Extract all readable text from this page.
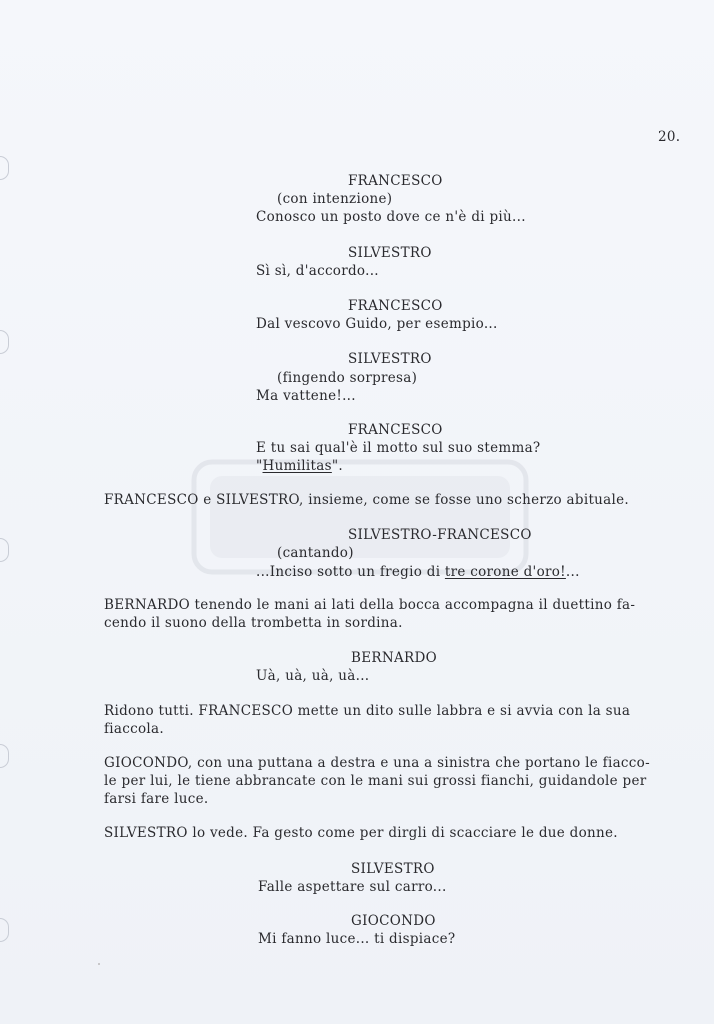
20.
FRANCESCO
(con intenzione)
Conosco un posto dove ce n'è di più...
SILVESTRO
Sì sì, d'accordo...
FRANCESCO
Dal vescovo Guido, per esempio...
SILVESTRO
(fingendo sorpresa)
Ma vattene!...
FRANCESCO
E tu sai qual'è il motto sul suo stemma?
"Humilitas".
FRANCESCO e SILVESTRO, insieme, come se fosse uno scherzo abituale.
SILVESTRO-FRANCESCO
(cantando)
...Inciso sotto un fregio di tre corone d'oro!...
BERNARDO tenendo le mani ai lati della bocca accompagna il duettino fa-
cendo il suono della trombetta in sordina.
BERNARDO
Uà, uà, uà, uà...
Ridono tutti. FRANCESCO mette un dito sulle labbra e si avvia con la sua
fiaccola.
GIOCONDO, con una puttana a destra e una a sinistra che portano le fiacco-
le per lui, le tiene abbrancate con le mani sui grossi fianchi, guidandole per
farsi fare luce.
SILVESTRO lo vede. Fa gesto come per dirgli di scacciare le due donne.
SILVESTRO
Falle aspettare sul carro...
GIOCONDO
Mi fanno luce... ti dispiace?
